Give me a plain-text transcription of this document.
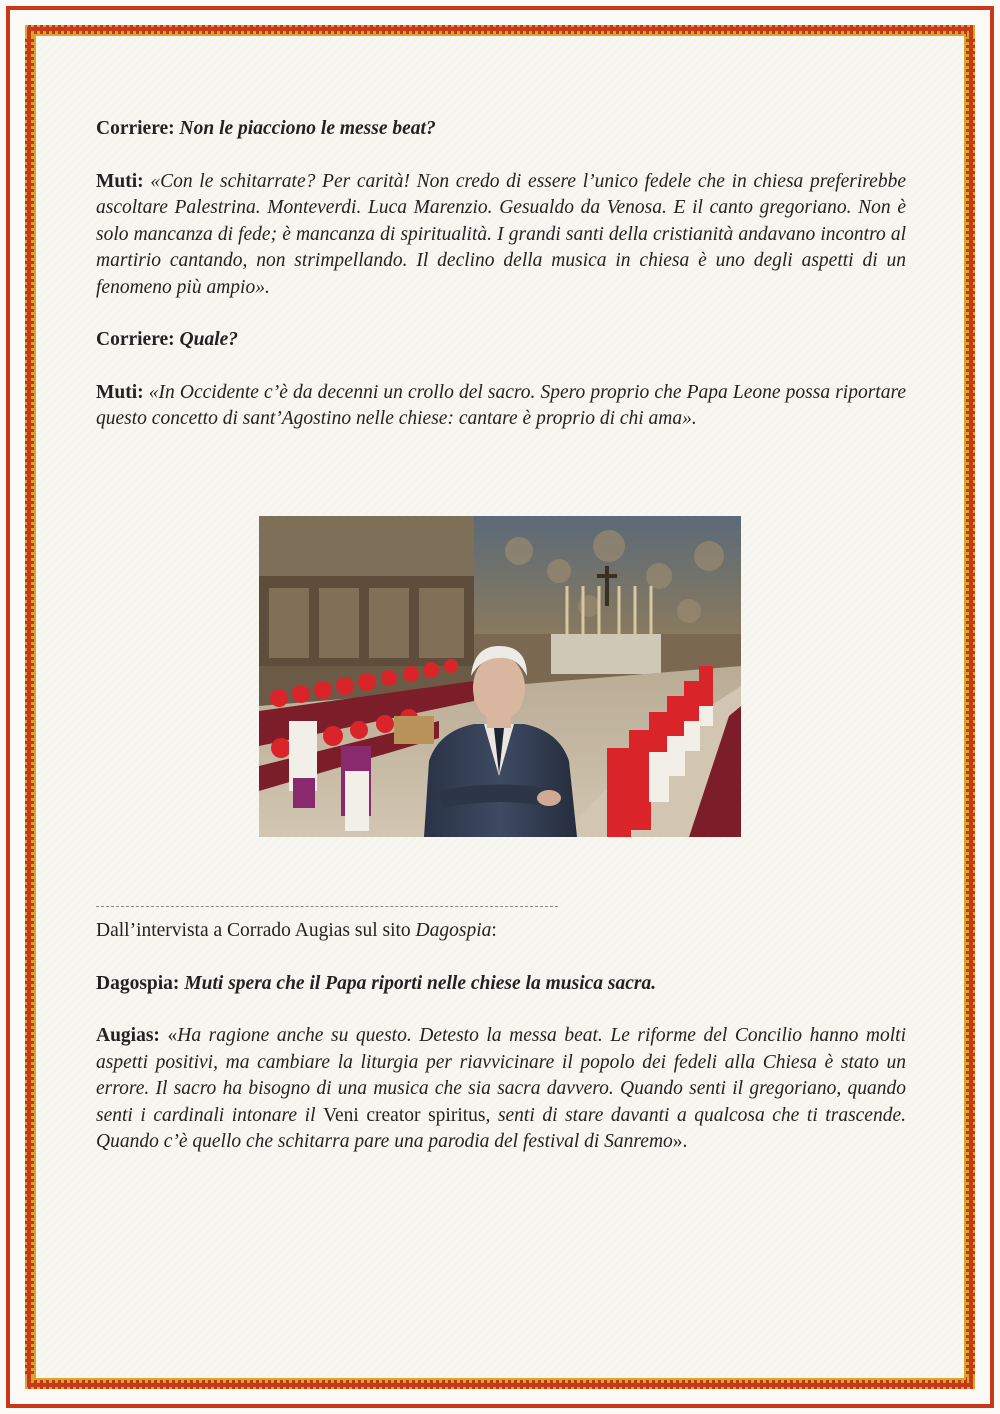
Corriere: Non le piacciono le messe beat?

Muti: «Con le schitarrate? Per carità! Non credo di essere l’unico fedele che in chiesa preferirebbe ascoltare Palestrina. Monteverdi. Luca Marenzio. Gesualdo da Venosa. E il canto gregoriano. Non è solo mancanza di fede; è mancanza di spiritualità. I grandi santi della cristianità andavano incontro al martirio cantando, non strimpellando. Il declino della musica in chiesa è uno degli aspetti di un fenomeno più ampio».

Corriere: Quale?

Muti: «In Occidente c’è da decenni un crollo del sacro. Spero proprio che Papa Leone possa riportare questo concetto di sant’Agostino nelle chiese: cantare è proprio di chi ama».

Dall’intervista a Corrado Augias sul sito Dagospia:

Dagospia: Muti spera che il Papa riporti nelle chiese la musica sacra.

Augias: «Ha ragione anche su questo. Detesto la messa beat. Le riforme del Concilio hanno molti aspetti positivi, ma cambiare la liturgia per riavvicinare il popolo dei fedeli alla Chiesa è stato un errore. Il sacro ha bisogno di una musica che sia sacra davvero. Quando senti il gregoriano, quando senti i cardinali intonare il Veni creator spiritus, senti di stare davanti a qualcosa che ti trascende. Quando c’è quello che schitarra pare una parodia del festival di Sanremo».
